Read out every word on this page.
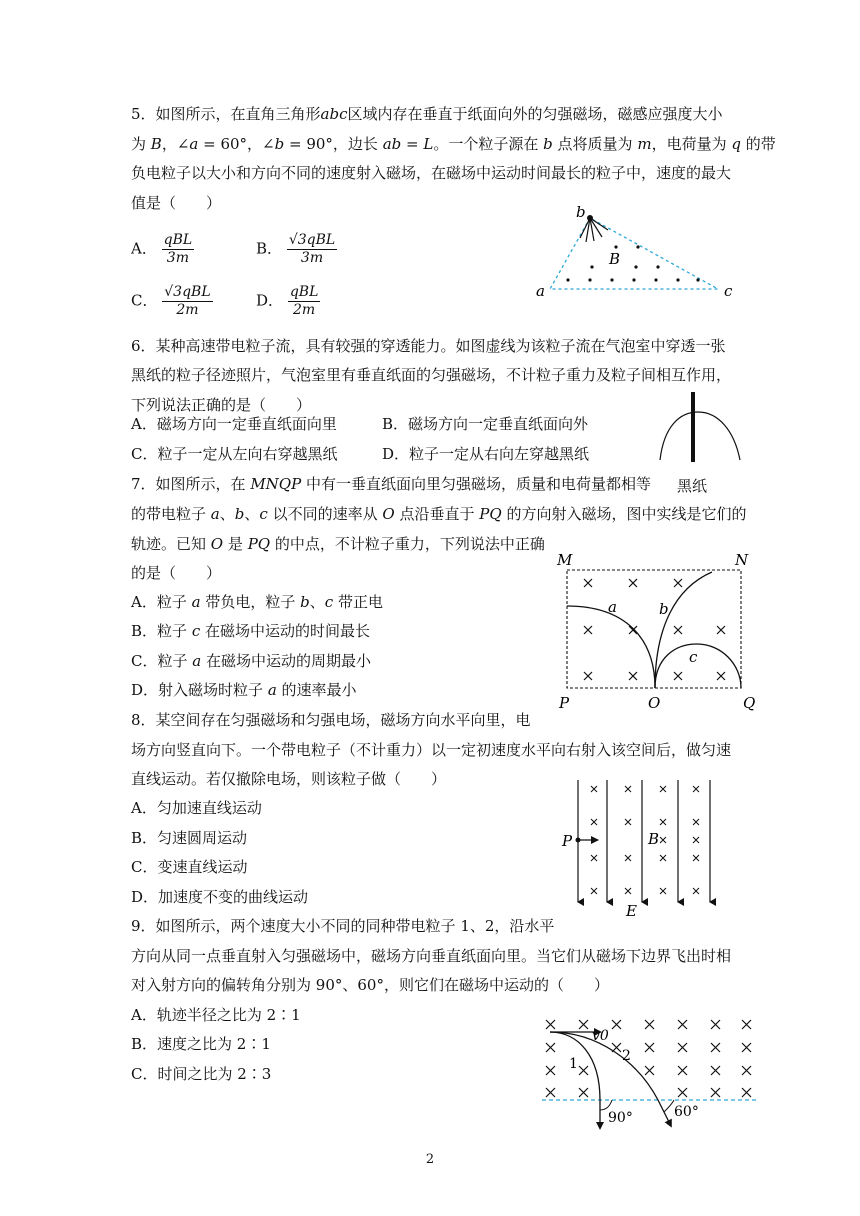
5．如图所示，在直角三角形abc区域内存在垂直于纸面向外的匀强磁场，磁感应强度大小
为 B，∠a = 60°，∠b = 90°，边长 ab = L。一个粒子源在 b 点将质量为 m，电荷量为 q 的带
负电粒子以大小和方向不同的速度射入磁场，在磁场中运动时间最长的粒子中，速度的最大
值是（　　）
A． $\frac{\text{qBL}}{3m}$	B． $\frac{\text{√3qBL}}{3m}$
C． $\frac{\text{√3qBL}}{2m}$	D． $\frac{\text{qBL}}{2m}$
b
B
a	c
6．某种高速带电粒子流，具有较强的穿透能力。如图虚线为该粒子流在气泡室中穿透一张
黑纸的粒子径迹照片，气泡室里有垂直纸面的匀强磁场，不计粒子重力及粒子间相互作用，
下列说法正确的是（　　）
A．磁场方向一定垂直纸面向里	B．磁场方向一定垂直纸面向外
C．粒子一定从左向右穿越黑纸	D．粒子一定从右向左穿越黑纸
黑纸
7．如图所示，在 MNQP 中有一垂直纸面向里匀强磁场，质量和电荷量都相等
的带电粒子 a、b、c 以不同的速率从 O 点沿垂直于 PQ 的方向射入磁场，图中实线是它们的
轨迹。已知 O 是 PQ 的中点，不计粒子重力，下列说法中正确
的是（　　）
A．粒子 a 带负电，粒子 b、c 带正电
B．粒子 c 在磁场中运动的时间最长
C．粒子 a 在磁场中运动的周期最小
D．射入磁场时粒子 a 的速率最小
M	N
P	O	Q
a	b
c
8．某空间存在匀强磁场和匀强电场，磁场方向水平向里，电
场方向竖直向下。一个带电粒子（不计重力）以一定初速度水平向右射入该空间后，做匀速
直线运动。若仅撤除电场，则该粒子做（　　）
A．匀加速直线运动
B．匀速圆周运动
C．变速直线运动
D．加速度不变的曲线运动
P	B
E
9．如图所示，两个速度大小不同的同种带电粒子 1、2，沿水平
方向从同一点垂直射入匀强磁场中，磁场方向垂直纸面向里。当它们从磁场下边界飞出时相
对入射方向的偏转角分别为 90°、60°，则它们在磁场中运动的（　　）
A．轨迹半径之比为 2∶1
B．速度之比为 2∶1
C．时间之比为 2∶3
v0
1	2
90°	60°
2
